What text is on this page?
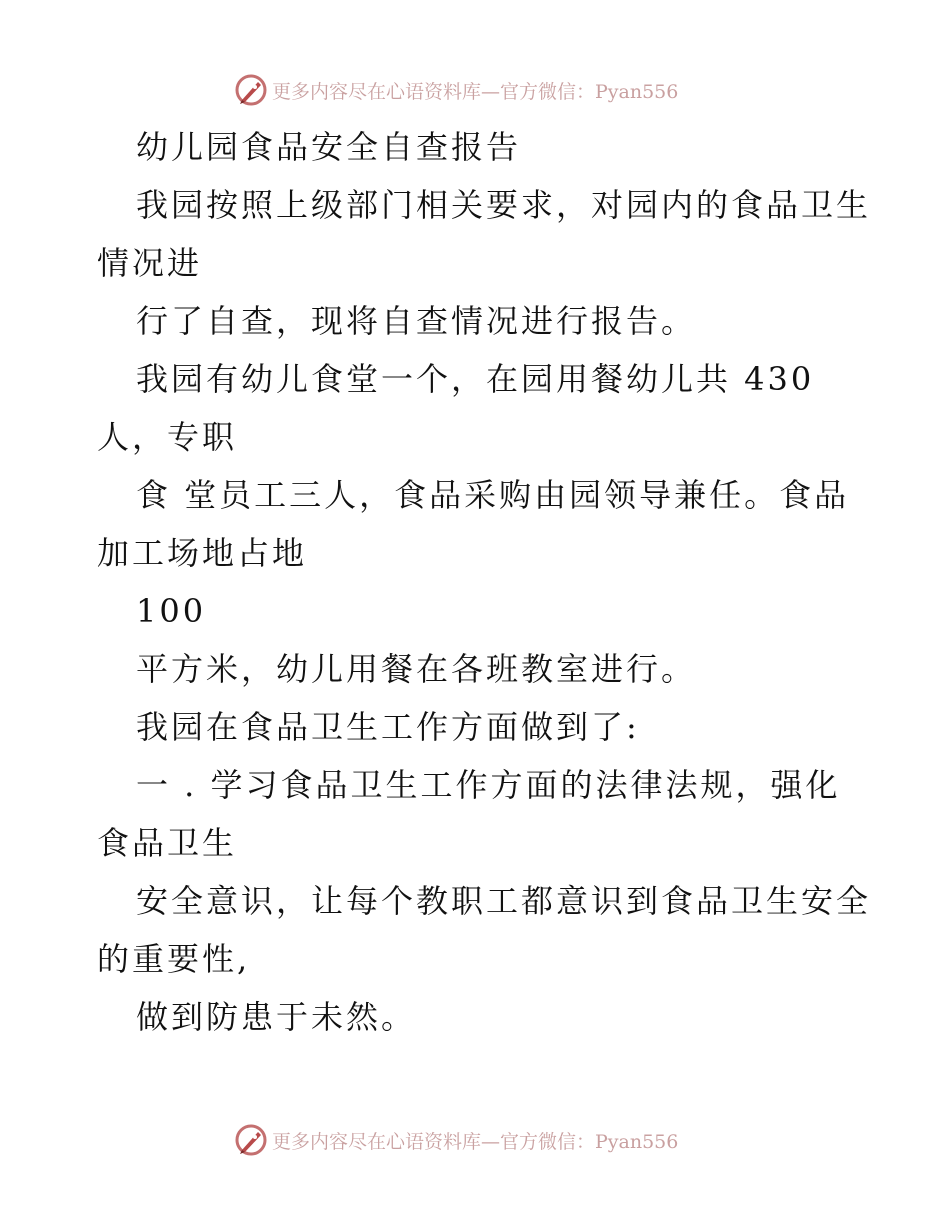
更多内容尽在心语资料库—官方微信：Pyan556
幼儿园食品安全自查报告
我园按照上级部门相关要求，对园内的食品卫生
情况进
行了自查，现将自查情况进行报告。
我园有幼儿食堂一个，在园用餐幼儿共 430
人，专职
食 堂员工三人，食品采购由园领导兼任。食品
加工场地占地
100
平方米，幼儿用餐在各班教室进行。
我园在食品卫生工作方面做到了:
一 . 学习食品卫生工作方面的法律法规，强化
食品卫生
安全意识，让每个教职工都意识到食品卫生安全
的重要性,
做到防患于未然。
更多内容尽在心语资料库—官方微信：Pyan556
